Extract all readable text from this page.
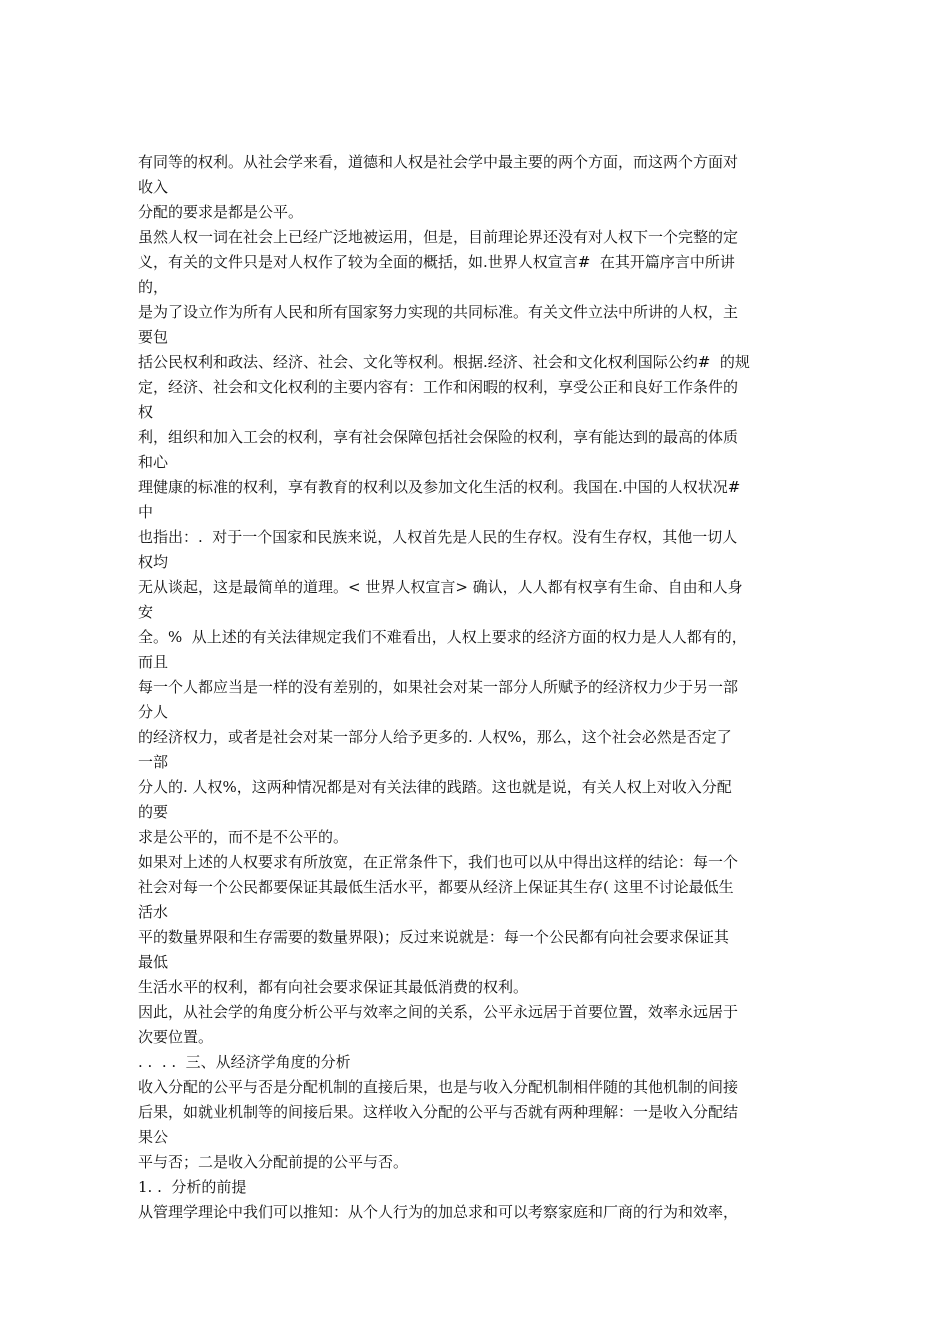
有同等的权利。从社会学来看，道德和人权是社会学中最主要的两个方面，而这两个方面对

收入

分配的要求是都是公平。

虽然人权一词在社会上已经广泛地被运用，但是，目前理论界还没有对人权下一个完整的定

义，有关的文件只是对人权作了较为全面的概括，如.世界人权宣言#  在其开篇序言中所讲

的，

是为了设立作为所有人民和所有国家努力实现的共同标准。有关文件立法中所讲的人权，主

要包

括公民权利和政法、经济、社会、文化等权利。根据.经济、社会和文化权利国际公约#  的规

定，经济、社会和文化权利的主要内容有：工作和闲暇的权利，享受公正和良好工作条件的

权

利，组织和加入工会的权利，享有社会保障包括社会保险的权利，享有能达到的最高的体质

和心

理健康的标准的权利，享有教育的权利以及参加文化生活的权利。我国在.中国的人权状况#

中

也指出：.  对于一个国家和民族来说，人权首先是人民的生存权。没有生存权，其他一切人

权均

无从谈起，这是最简单的道理。< 世界人权宣言> 确认，人人都有权享有生命、自由和人身

安

全。%  从上述的有关法律规定我们不难看出，人权上要求的经济方面的权力是人人都有的，

而且

每一个人都应当是一样的没有差别的，如果社会对某一部分人所赋予的经济权力少于另一部

分人

的经济权力，或者是社会对某一部分人给予更多的. 人权%，那么，这个社会必然是否定了

一部

分人的. 人权%，这两种情况都是对有关法律的践踏。这也就是说，有关人权上对收入分配

的要

求是公平的，而不是不公平的。

如果对上述的人权要求有所放宽，在正常条件下，我们也可以从中得出这样的结论：每一个

社会对每一个公民都要保证其最低生活水平，都要从经济上保证其生存( 这里不讨论最低生

活水

平的数量界限和生存需要的数量界限)；反过来说就是：每一个公民都有向社会要求保证其

最低

生活水平的权利，都有向社会要求保证其最低消费的权利。

因此，从社会学的角度分析公平与效率之间的关系，公平永远居于首要位置，效率永远居于

次要位置。

. .  . .  三、从经济学角度的分析

收入分配的公平与否是分配机制的直接后果，也是与收入分配机制相伴随的其他机制的间接

后果，如就业机制等的间接后果。这样收入分配的公平与否就有两种理解：一是收入分配结

果公

平与否；二是收入分配前提的公平与否。

1. .  分析的前提

从管理学理论中我们可以推知：从个人行为的加总求和可以考察家庭和厂商的行为和效率，
